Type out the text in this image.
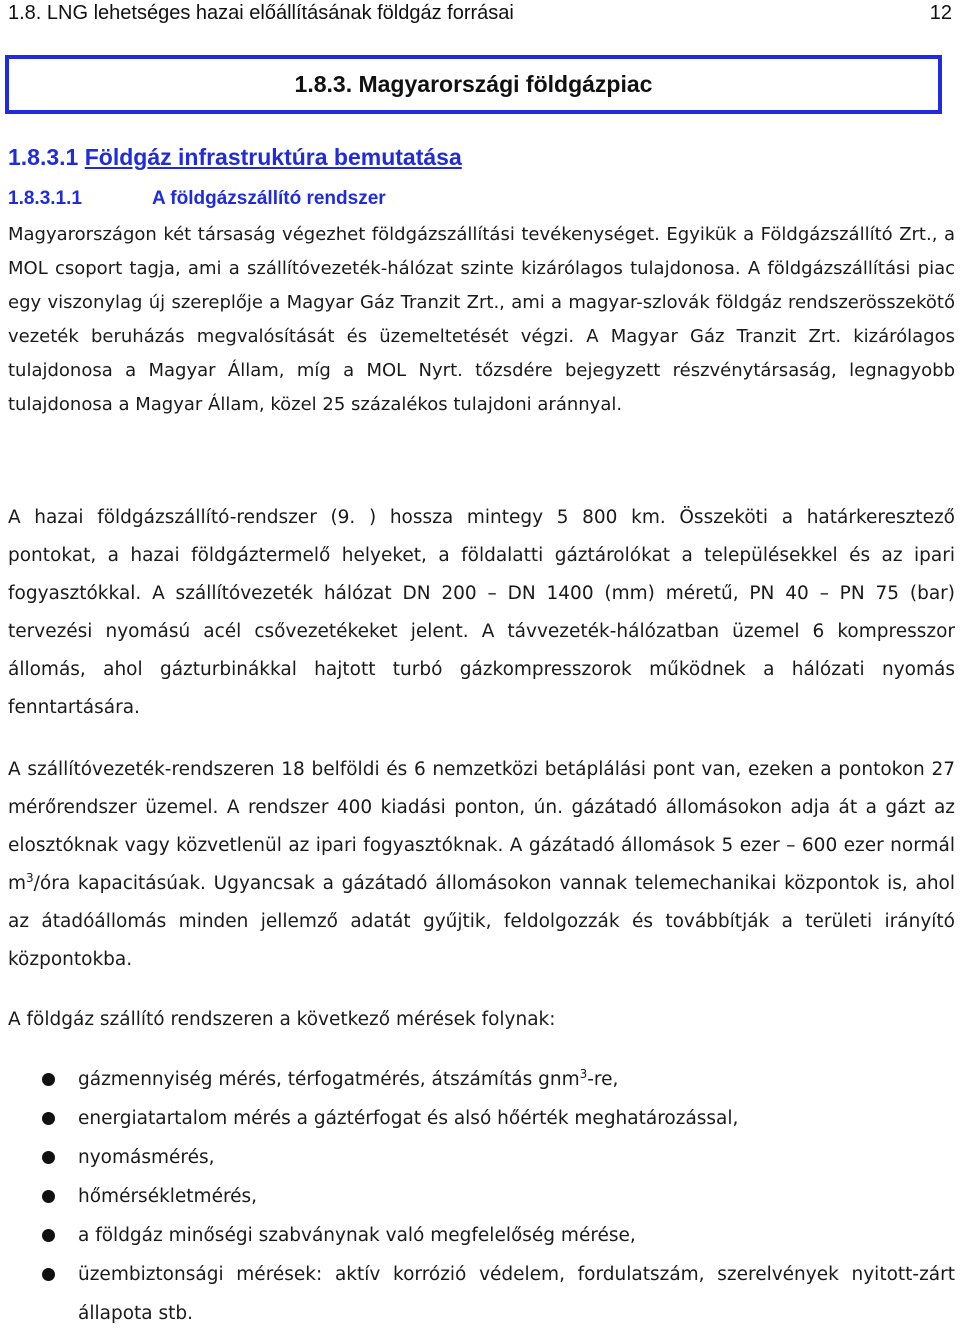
1.8. LNG lehetséges hazai előállításának földgáz forrásai	12
1.8.3. Magyarországi földgázpiac
1.8.3.1 Földgáz infrastruktúra bemutatása
1.8.3.1.1	A földgázszállító rendszer

Magyarországon két társaság végezhet földgázszállítási tevékenységet. Egyikük a Földgázszállító Zrt., a MOL csoport tagja, ami a szállítóvezeték-hálózat szinte kizárólagos tulajdonosa. A földgázszállítási piac egy viszonylag új szereplője a Magyar Gáz Tranzit Zrt., ami a magyar-szlovák földgáz rendszerösszekötő vezeték beruházás megvalósítását és üzemeltetését végzi. A Magyar Gáz Tranzit Zrt. kizárólagos tulajdonosa a Magyar Állam, míg a MOL Nyrt. tőzsdére bejegyzett részvénytársaság, legnagyobb tulajdonosa a Magyar Állam, közel 25 százalékos tulajdoni aránnyal.

A hazai földgázszállító-rendszer (9. ) hossza mintegy 5 800 km. Összeköti a határkeresztező pontokat, a hazai földgáztermelő helyeket, a földalatti gáztárolókat a településekkel és az ipari fogyasztókkal. A szállítóvezeték hálózat DN 200 – DN 1400 (mm) méretű, PN 40 – PN 75 (bar) tervezési nyomású acél csővezetékeket jelent. A távvezeték-hálózatban üzemel 6 kompresszor állomás, ahol gázturbinákkal hajtott turbó gázkompresszorok működnek a hálózati nyomás fenntartására.

A szállítóvezeték-rendszeren 18 belföldi és 6 nemzetközi betáplálási pont van, ezeken a pontokon 27 mérőrendszer üzemel. A rendszer 400 kiadási ponton, ún. gázátadó állomásokon adja át a gázt az elosztóknak vagy közvetlenül az ipari fogyasztóknak. A gázátadó állomások 5 ezer – 600 ezer normál $m^3$/óra kapacitásúak. Ugyancsak a gázátadó állomásokon vannak telemechanikai központok is, ahol az átadóállomás minden jellemző adatát gyűjtik, feldolgozzák és továbbítják a területi irányító központokba.

A földgáz szállító rendszeren a következő mérések folynak:

gázmennyiség mérés, térfogatmérés, átszámítás gnm$^3$-re,
energiatartalom mérés a gáztérfogat és alsó hőérték meghatározással,
nyomásmérés,
hőmérsékletmérés,
a földgáz minőségi szabványnak való megfelelőség mérése,
üzembiztonsági mérések: aktív korrózió védelem, fordulatszám, szerelvények nyitott-zárt állapota stb.
